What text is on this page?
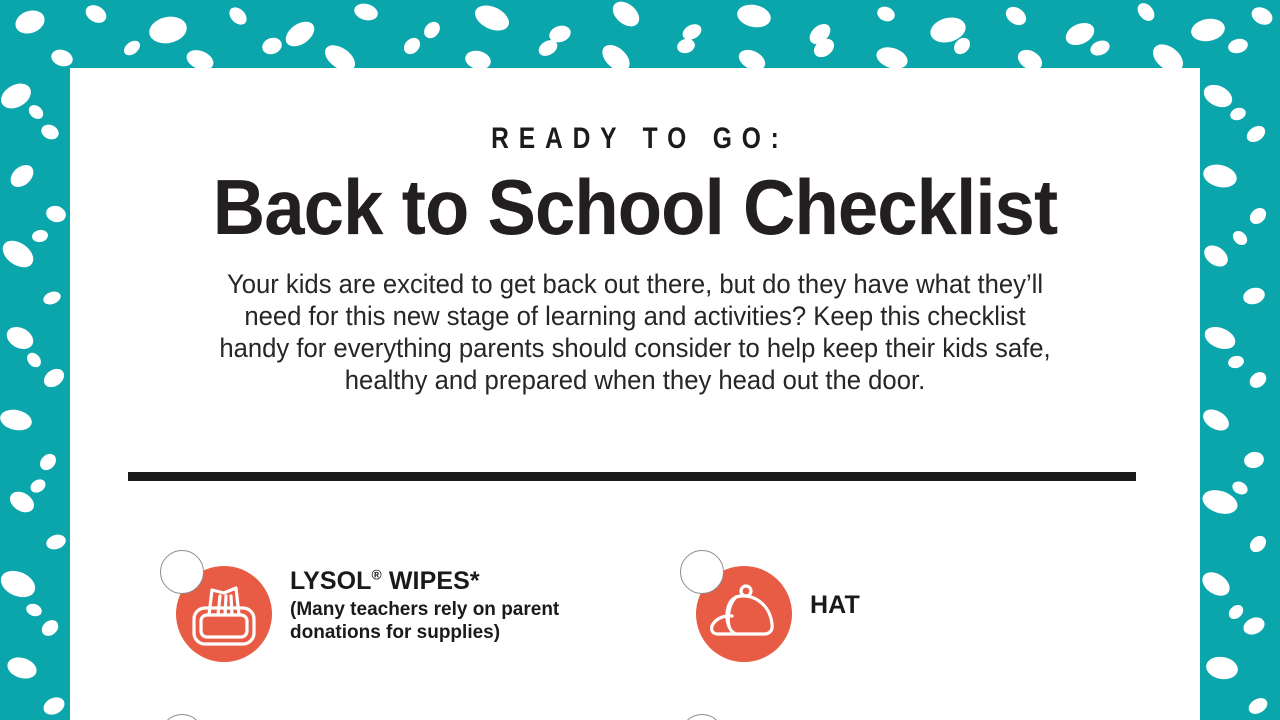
READY TO GO:
Back to School Checklist

Your kids are excited to get back out there, but do they have what they’ll need for this new stage of learning and activities? Keep this checklist handy for everything parents should consider to help keep their kids safe, healthy and prepared when they head out the door.

LYSOL® WIPES*

(Many teachers rely on parent donations for supplies)

HAT
